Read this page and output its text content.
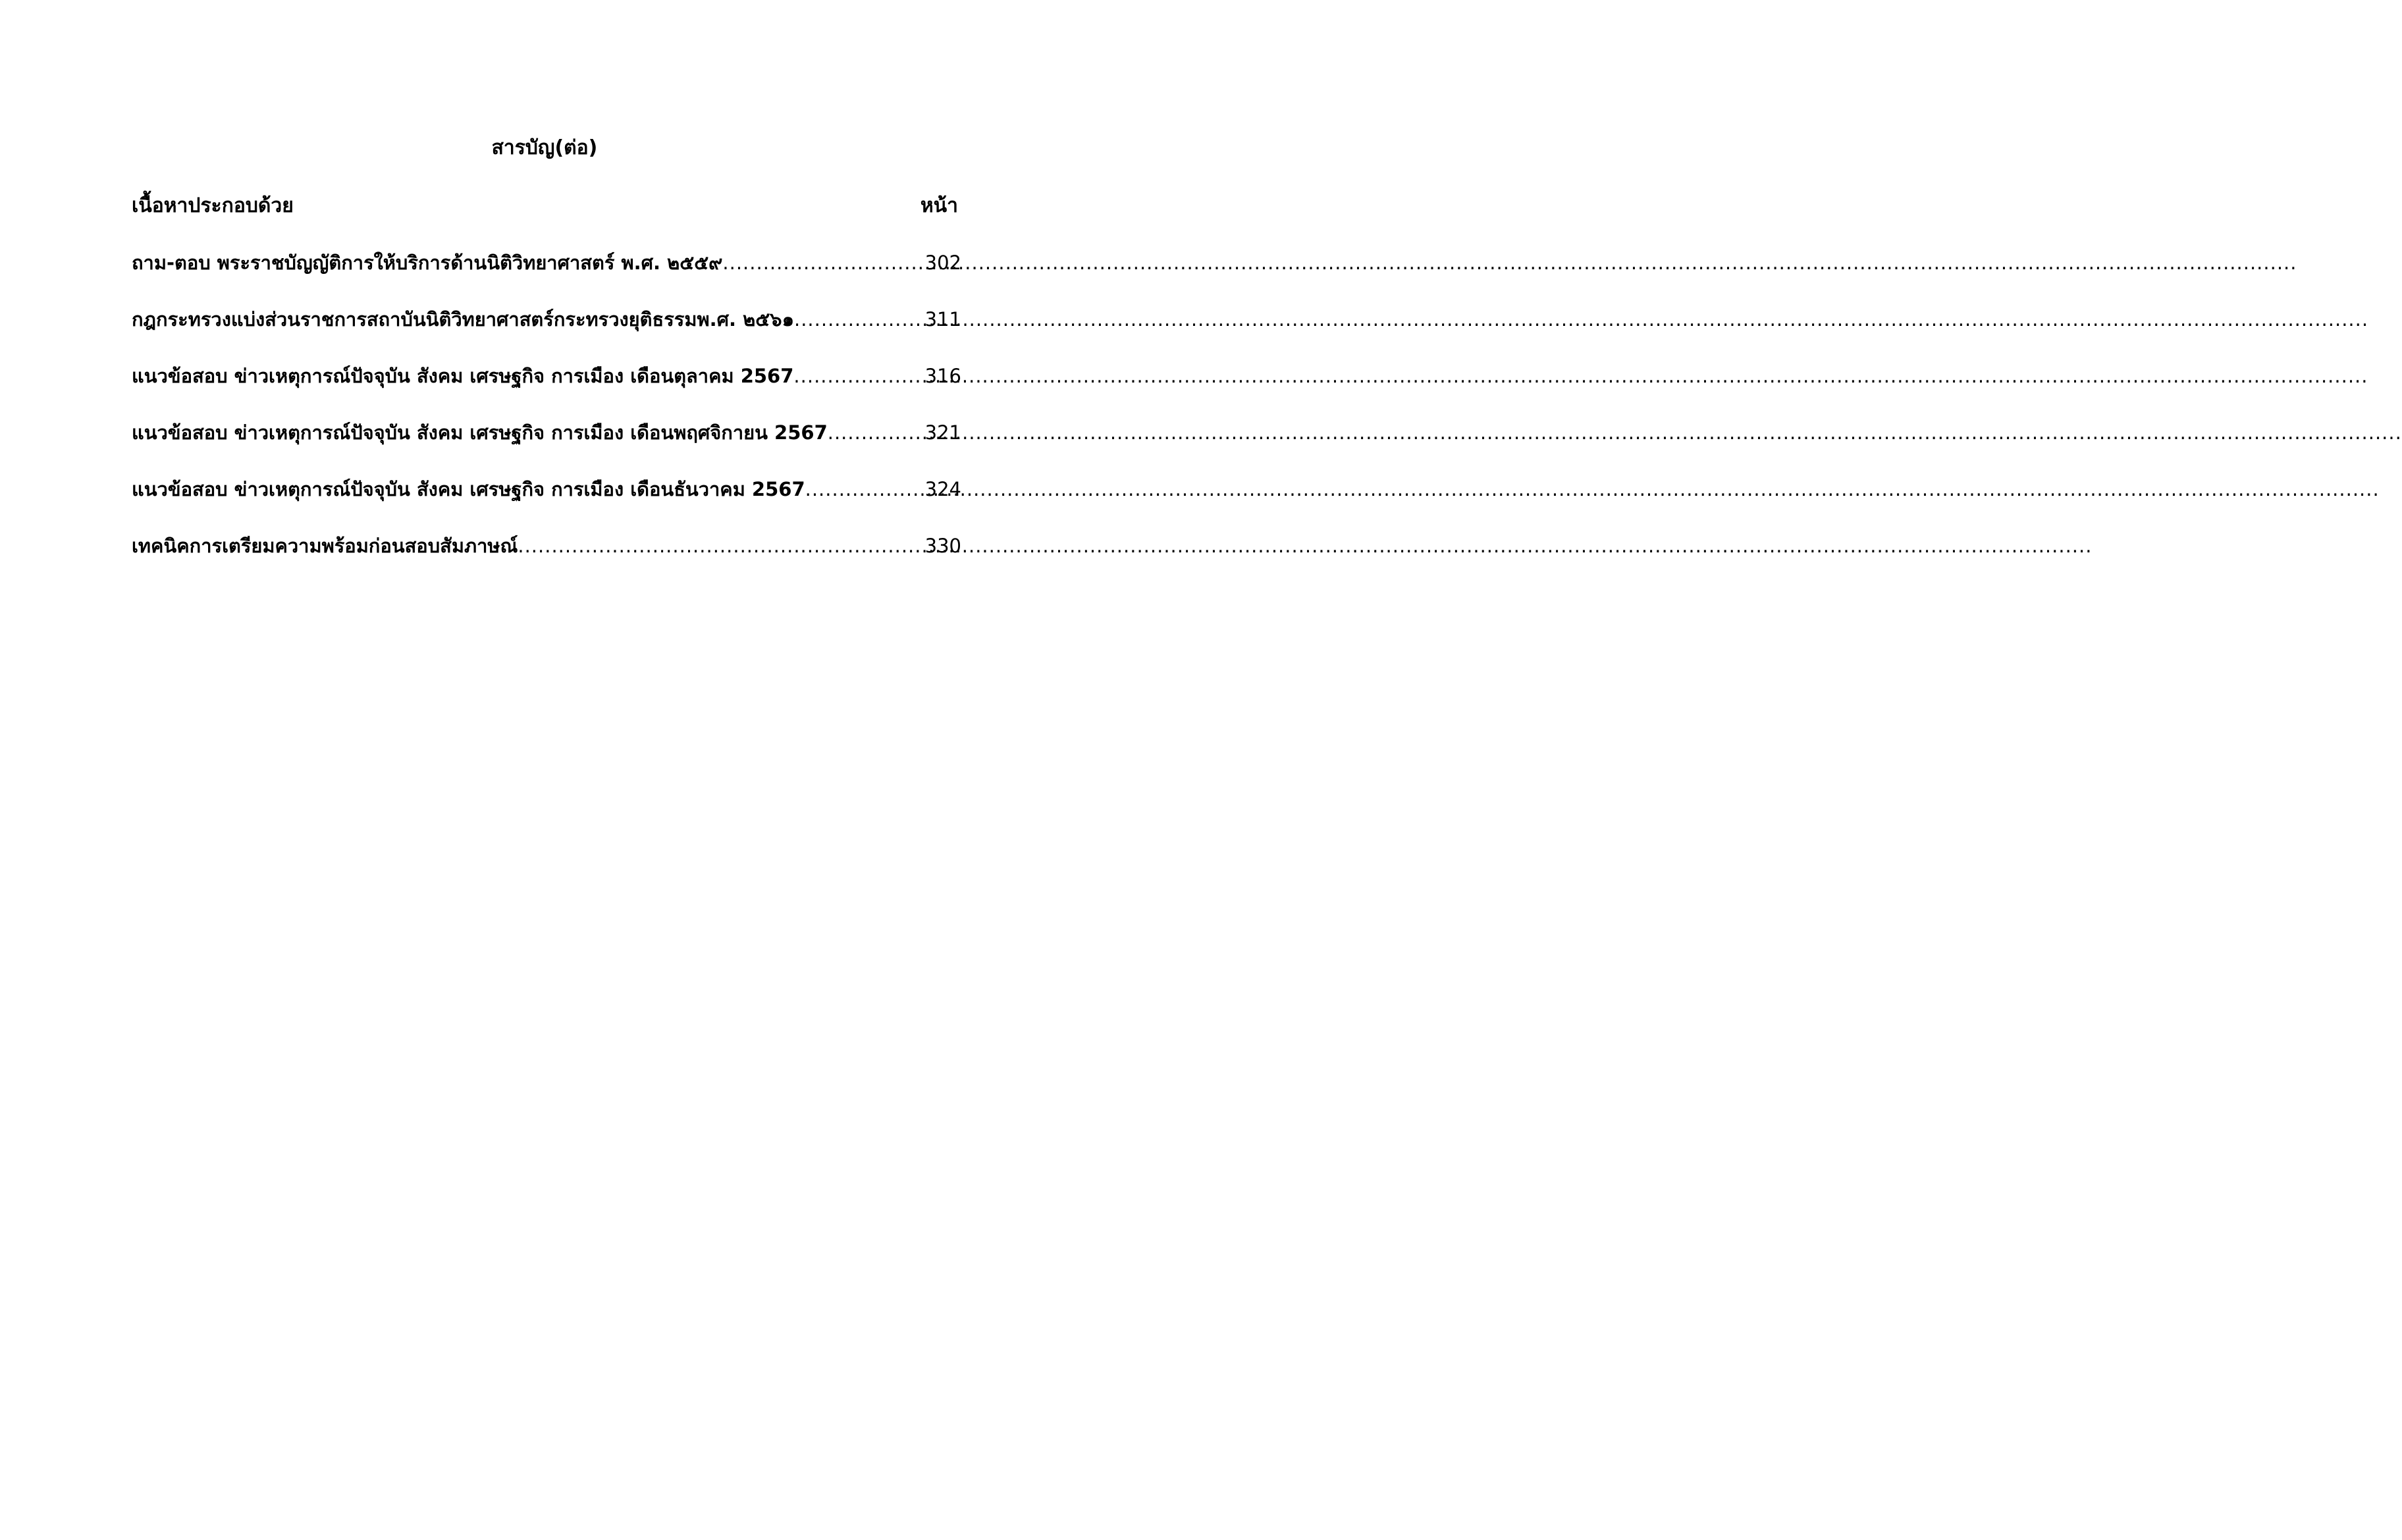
สารบัญ(ต่อ)
เนื้อหาประกอบด้วย	หน้า
ถาม-ตอบ พระราชบัญญัติการให้บริการด้านนิติวิทยาศาสตร์ พ.ศ. ๒๕๕๙ .....	302
กฎกระทรวงแบ่งส่วนราชการสถาบันนิติวิทยาศาสตร์กระทรวงยุติธรรมพ.ศ. ๒๕๖๑ .....	311
แนวข้อสอบ ข่าวเหตุการณ์ปัจจุบัน สังคม เศรษฐกิจ การเมือง เดือนตุลาคม 2567 .....	316
แนวข้อสอบ ข่าวเหตุการณ์ปัจจุบัน สังคม เศรษฐกิจ การเมือง เดือนพฤศจิกายน 2567 .....	321
แนวข้อสอบ ข่าวเหตุการณ์ปัจจุบัน สังคม เศรษฐกิจ การเมือง เดือนธันวาคม 2567 .....	324
เทคนิคการเตรียมความพร้อมก่อนสอบสัมภาษณ์ .....	330
